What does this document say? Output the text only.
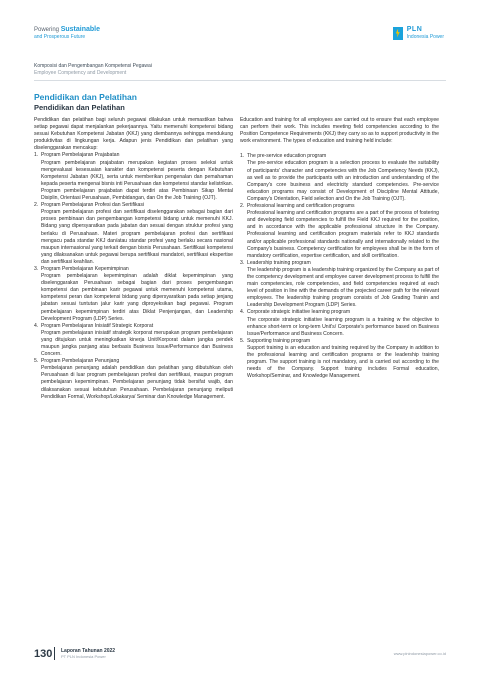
Powering Sustainable
and Prosperous Future
PLN
Indonesia Power
Komposisi dan Pengembangan Kompetensi Pegawai
Employee Competency and Development
Pendidikan dan Pelatihan
Pendidikan dan Pelatihan

Pendidikan dan pelatihan bagi seluruh pegawai dilakukan untuk memastikan bahwa setiap pegawai dapat menjalankan pekerjaannya. Yaitu memenuhi kompetensi bidang sesuai Kebutuhan Kompetensi Jabatan (KKJ) yang diembannya sehingga mendukung produktivitas di lingkungan kerja. Adapun jenis Pendidikan dan pelatihan yang diselenggarakan mencakup:

1. Program Pembelajaran Prajabatan
Program pembelajaran prajabatan merupakan kegiatan proses seleksi untuk mengevaluasi kesesuaian karakter dan kompetensi peserta dengan Kebutuhan Kompetensi Jabatan (KKJ), serta untuk memberikan pengenalan dan pemahaman kepada peserta mengenai bisnis inti Perusahaan dan kompetensi standar kelistrikan. Program pembelajaran prajabatan dapat terdiri atas Pembinaan Sikap Mental Disiplin, Orientasi Perusahaan, Pembidangan, dan On the Job Training (OJT).
2. Program Pembelajaran Profesi dan Sertifikasi
Program pembelajaran profesi dan sertifikasi diselenggarakan sebagai bagian dari proses pembinaan dan pengembangan kompetensi bidang untuk memenuhi KKJ. Bidang yang dipersyaratkan pada jabatan dan sesuai dengan struktur profesi yang berlaku di Perusahaan. Materi program pembelajaran profesi dan sertifikasi mengacu pada standar KKJ dan/atau standar profesi yang berlaku secara nasional maupun internasional yang terkait dengan bisnis Perusahaan. Sertifikasi kompetensi yang dilaksanakan untuk pegawai berupa sertifikasi mandatori, sertifikasi ekspertise dan sertifikasi keahlian.
3. Program Pembelajaran Kepemimpinan
Program pembelajaran kepemimpinan adalah diklat kepemimpinan yang diselenggarakan Perusahaan sebagai bagian dari proses pengembangan kompetensi dan pembinaan karir pegawai untuk memenuhi kompetensi utama, kompetensi peran dan kompetensi bidang yang dipersyaratkan pada setiap jenjang jabatan sesuai tuntutan jalur karir yang diproyeksikan bagi pegawai. Program pembelajaran kepemimpinan terdiri atas Diklat Penjenjangan, dan Leadership Development Program (LDP) Series.
4. Program Pembelajaran Inisiatif Strategic Korporat
Program pembelajaran inisiatif strategik korporat merupakan program pembelajaran yang ditujukan untuk meningkatkan kinerja Unit/Korporat dalam jangka pendek maupun jangka panjang atau berbasis Business Issue/Performance dan Business Concern.
5. Program Pembelajaran Penunjang
Pembelajaran penunjang adalah pendidikan dan pelatihan yang dibutuhkan oleh Perusahaan di luar program pembelajaran profesi dan sertifikasi, maupun program pembelajaran kepemimpinan. Pembelajaran penunjang tidak bersifat wajib, dan dilaksanakan sesuai kebutuhan Perusahaan. Pembelajaran penunjang meliputi Pendidikan Formal, Workshop/Lokakarya/ Seminar dan Knowledge Management.

Education and training for all employees are carried out to ensure that each employee can perform their work. This includes meeting field competencies according to the Position Competence Requirements (KKJ) they carry so as to support productivity in the work environment. The types of education and training held include:

1. The pre-service education program
The pre-service education program is a selection process to evaluate the suitability of participants' character and competencies with the Job Competency Needs (KKJ), as well as to provide the participants with an introduction and understanding of the Company's core business and electricity standard competencies. Pre-service education programs may consist of Development of Discipline Mental Attitude, Company's Orientation, Field selection and On the Job Training (OJT).
2. Professional learning and certification programs
Professional learning and certification programs are a part of the process of fostering and developing field competencies to fulfill the Field KKJ required for the position, and in accordance with the applicable professional structure in the Company. Professional learning and certification program materials refer to KKJ standards and/or applicable professional standards nationally and internationally related to the Company's business. Competency certification for employees shall be in the form of mandatory certification, expertise certification, and skill certification.
3. Leadership training program
The leadership program is a leadership training organized by the Company as part of the competency development and employee career development process to fulfill the main competencies, role competencies, and field competencies required at each level of position in line with the demands of the projected career path for the relevant employees. The leadership training program consists of Job Grading Trainin and Leadership Development Program (LDP) Series.
4. Corporate strategic initiative learning program
The corporate strategic initiative learning program is a training w the objective to enhance short-term or long-term Unit's/ Corporate's performance based on Business Issue/Performance and Business Concern.
5. Supporting training program
Support training is an education and training required by the Company in addition to the professional learning and certification programs or the leadership training program. The support training is not mandatory, and is carried out according to the needs of the Company. Support training includes Formal education, Workshop/Seminar, and Knowledge Management.
130 Laporan Tahunan 2022
PT PLN Indonesia Power
www.plnindonesiapower.co.id
